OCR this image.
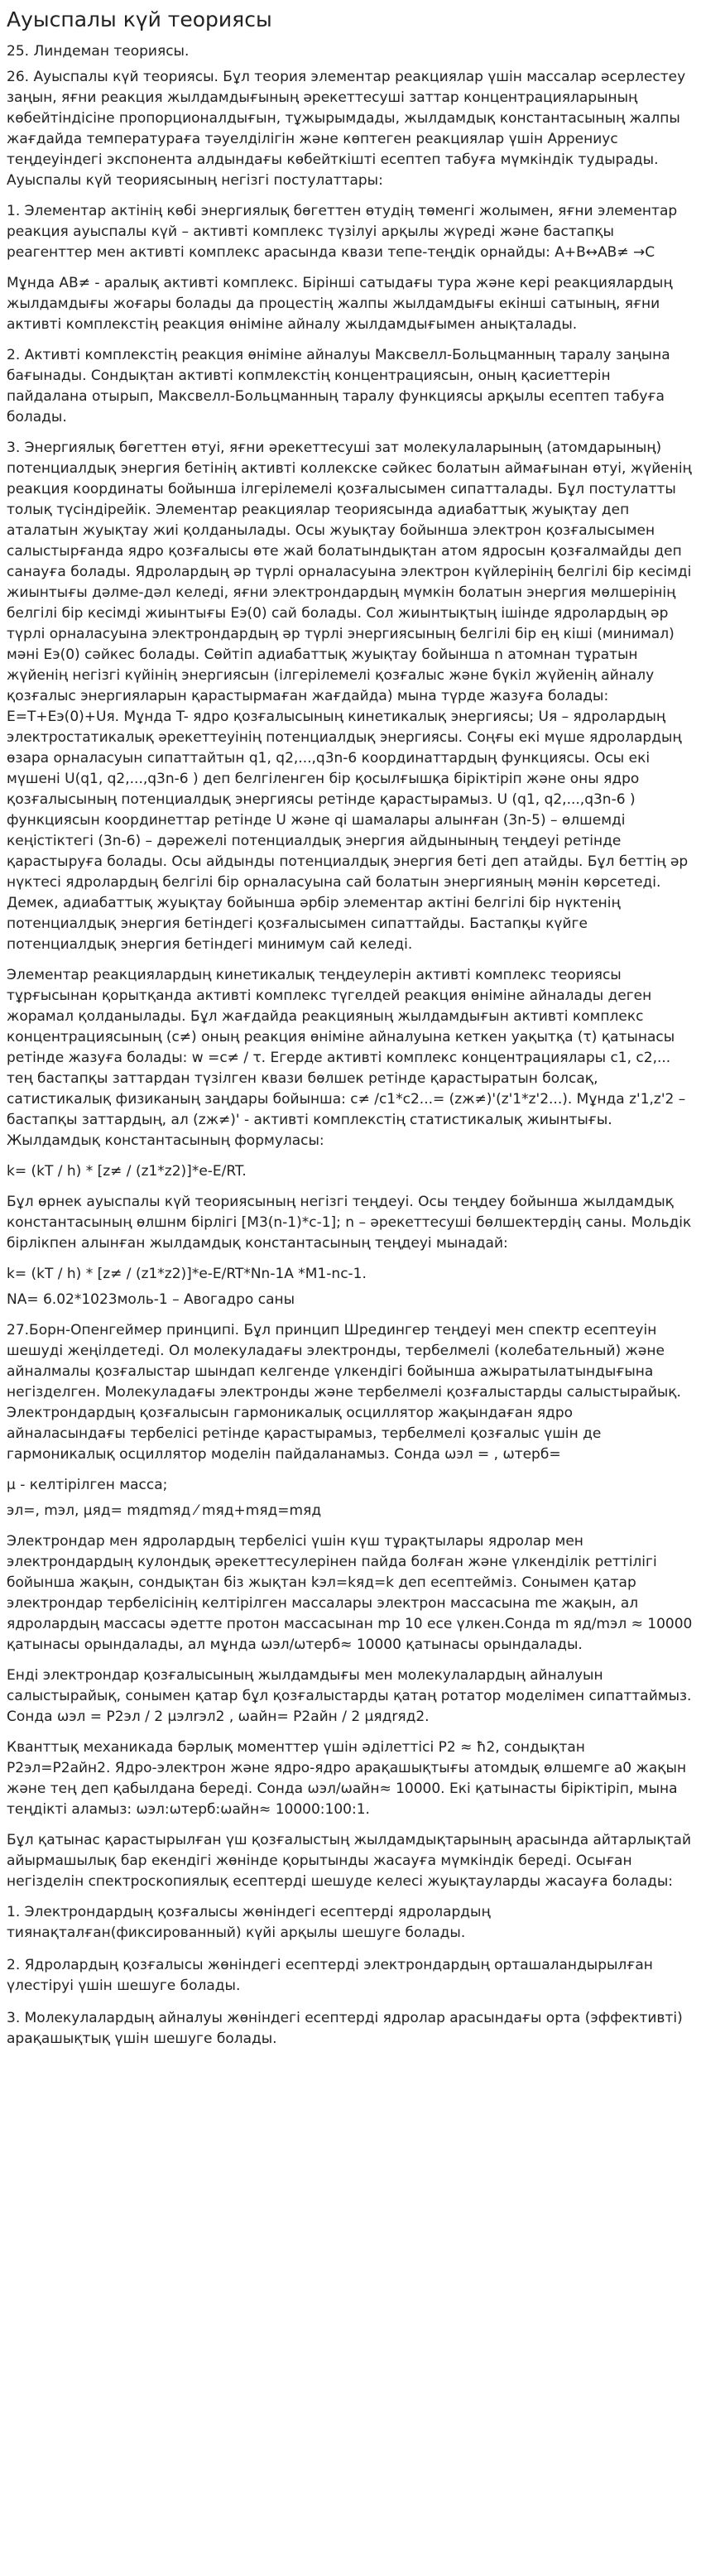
Ауыспалы күй теориясы

25. Линдеман теориясы.

26. Ауыспалы күй теориясы. Бұл теория элементар реакциялар үшін массалар әсерлестеу заңын, яғни реакция жылдамдығының әрекеттесуші заттар концентрацияларының көбейтіндісіне пропорционалдығын, тұжырымдады, жылдамдық константасының жалпы жағдайда температураға тәуелділігін және көптеген реакциялар үшін Аррениус теңдеуіндегі экспонента алдындағы көбейткішті есептеп табуға мүмкіндік тудырады. Ауыспалы күй теориясының негізгі постулаттары:

1. Элементар актінің көбі энергиялық бөгеттен өтудің төменгі жолымен, яғни элементар реакция ауыспалы күй – активті комплекс түзілуі арқылы жүреді және бастапқы реагенттер мен активті комплекс арасында квази тепе-теңдік орнайды: A+B↔AB≠ →C

Мұнда AB≠ - аралық активті комплекс. Бірінші сатыдағы тура және кері реакциялардың жылдамдығы жоғары болады да процестің жалпы жылдамдығы екінші сатының, яғни активті комплекстің реакция өніміне айналу жылдамдығымен анықталады.

2. Активті комплекстің реакция өніміне айналуы Максвелл-Больцманның таралу заңына бағынады. Сондықтан активті копмлекстің концентрациясын, оның қасиеттерін пайдалана отырып, Максвелл-Больцманның таралу функциясы арқылы есептеп табуға болады.

3. Энергиялық бөгеттен өтуі, яғни әрекеттесуші зат молекулаларының (атомдарының) потенциалдық энергия бетінің активті коллекске сәйкес болатын аймағынан өтуі, жүйенің реакция координаты бойынша ілгерілемелі қозғалысымен сипатталады. Бұл постулатты толық түсіндірейік. Элементар реакциялар теориясында адиабаттық жуықтау деп аталатын жуықтау жиі қолданылады. Осы жуықтау бойынша электрон қозғалысымен салыстырғанда ядро қозғалысы өте жай болатындықтан атом ядросын қозғалмайды деп санауға болады. Ядролардың әр түрлі орналасуына электрон күйлерінің белгілі бір кесімді жиынтығы дәлме-дәл келеді, яғни электрондардың мүмкін болатын энергия мөлшерінің белгілі бір кесімді жиынтығы Eэ(0) сай болады. Сол жиынтықтың ішінде ядролардың әр түрлі орналасуына электрондардың әр түрлі энергиясының белгілі бір ең кіші (минимал) мәні Eэ(0) сәйкес болады. Сөйтіп адиабаттық жуықтау бойынша n атомнан тұратын жүйенің негізгі күйінің энергиясын (ілгерілемелі қозғалыс және бүкіл жүйенің айналу қозғалыс энергияларын қарастырмаған жағдайда) мына түрде жазуға болады: E=T+Eэ(0)+Uя. Мұнда T- ядро қозғалысының кинетикалық энергиясы; Uя – ядролардың электростатикалық әрекеттеуінің потенциалдық энергиясы. Соңғы екі мүше ядролардың өзара орналасуын сипаттайтын q1, q2,...,q3n-6 координаттардың функциясы. Осы екі мүшені U(q1, q2,...,q3n-6 ) деп белгіленген бір қосылғышқа біріктіріп және оны ядро қозғалысының потенциалдық энергиясы ретінде қарастырамыз. U (q1, q2,...,q3n-6 ) функциясын координеттар ретінде U және qi шамалары алынған (3n-5) – өлшемді кеңістіктегі (3n-6) – дәрежелі потенциалдық энергия айдынының теңдеуі ретінде қарастыруға болады. Осы айдынды потенциалдық энергия беті деп атайды. Бұл беттің әр нүктесі ядролардың белгілі бір орналасуына сай болатын энергияның мәнін көрсетеді. Демек, адиабаттық жуықтау бойынша әрбір элементар актіні белгілі бір нүктенің потенциалдық энергия бетіндегі қозғалысымен сипаттайды. Бастапқы күйге потенциалдық энергия бетіндегі минимум сай келеді.

Элементар реакциялардың кинетикалық теңдеулерін активті комплекс теориясы тұрғысынан қорытқанда активті комплекс түгелдей реакция өніміне айналады деген жорамал қолданылады. Бұл жағдайда реакцияның жылдамдығын активті комплекс концентрациясының (c≠) оның реакция өніміне айналуына кеткен уақытқа (τ) қатынасы ретінде жазуға болады: w =c≠ / τ. Егерде активті комплекс концентрациялары c1, c2,... тең бастапқы заттардан түзілген квази бөлшек ретінде қарастыратын болсақ, сатистикалық физиканың заңдары бойынша: c≠ /c1*c2...= (zж≠)'(z'1*z'2...). Мұнда z'1,z'2 – бастапқы заттардың, ал (zж≠)' - активті комплекстің статистикалық жиынтығы. Жылдамдық константасының формуласы:

k= (kT / h) * [z≠ / (z1*z2)]*e-E/RT.

Бұл өрнек ауыспалы күй теориясының негізгі теңдеуі. Осы теңдеу бойынша жылдамдық константасының өлшнм бірлігі [M3(n-1)*c-1]; n – әрекеттесуші бөлшектердің саны. Мольдік бірлікпен алынған жылдамдық константасының теңдеуі мынадай:

k= (kT / h) * [z≠ / (z1*z2)]*e-E/RT*Nn-1A *M1-nc-1.

NA= 6.02*1023моль-1 – Авогадро саны

27.Борн-Опенгеймер принципі. Бұл принцип Шредингер теңдеуі мен спектр есептеуін шешуді жеңілдетеді. Ол молекуладағы электронды, тербелмелі (колебательный) және айналмалы қозғалыстар шындап келгенде үлкендігі бойынша ажыратылатындығына негізделген. Молекуладағы электронды және тербелмелі қозғалыстарды салыстырайық. Электрондардың қозғалысын гармоникалық осциллятор жақындаған ядро айналасындағы тербелісі ретінде қараcтырамыз, тербелмелі қозғалыс үшін де гармоникалық осциллятор моделін пайдаланамыз. Сонда ωэл = , ωтерб=

μ - келтірілген масса;

эл=, mэл, μяд= mядmяд ⁄ mяд+mяд=mяд

Электрондар мен ядролардың тербелісі үшін күш тұрақтылары ядролар мен электрондардың кулондық әрекеттесулерінен пайда болған және үлкенділік реттілігі бойынша жақын, сондықтан біз жықтан kэл=kяд=k деп есептейміз. Сонымен қатар электрондар тербелісінің келтірілген массалары электрон массасына mе жақын, ал ядролардың массасы әдетте протон массасынан mp 10 есе үлкен.Сонда m яд/mэл ≈ 10000 қатынасы орындалады, ал мұнда ωэл/ωтерб≈ 10000 қатынасы орындалады.

Енді электрондар қозғалысының жылдамдығы мен молекулалардың айналуын салыстырайық, сонымен қатар бұл қозғалыстарды қатаң ротатор моделімен сипаттаймыз. Сонда ωэл = P2эл / 2 μэлrэл2 , ωайн= P2айн / 2 μядrяд2.

Кванттық механикада бәрлық моменттер үшін әділеттісі P2 ≈ ħ2, сондықтан P2эл=P2айн2. Ядро-электрон және ядро-ядро арақашықтығы атомдық өлшемге a0 жақын және тең деп қабылдана береді. Сонда ωэл/ωайн≈ 10000. Екі қатынасты біріктіріп, мына теңдікті аламыз: ωэл:ωтерб:ωайн≈ 10000:100:1.

Бұл қатынас қарастырылған үш қозғалыстың жылдамдықтарының арасында айтарлықтай айырмашылық бар екендігі жөнінде қорытынды жасауға мүмкіндік береді. Осыған негізделін спектроскопиялық есептерді шешуде келесі жуықтауларды жасауға болады:

1. Электрондардың қозғалысы жөніндегі есептерді ядролардың тиянақталған(фиксированный) күйі арқылы шешуге болады.

2. Ядролардың қозғалысы жөніндегі есептерді электрондардың орташаландырылған үлестіруі үшін шешуге болады.

3. Молекулалардың айналуы жөніндегі есептерді ядролар арасындағы орта (эффективті) арақашықтық үшін шешуге болады.
